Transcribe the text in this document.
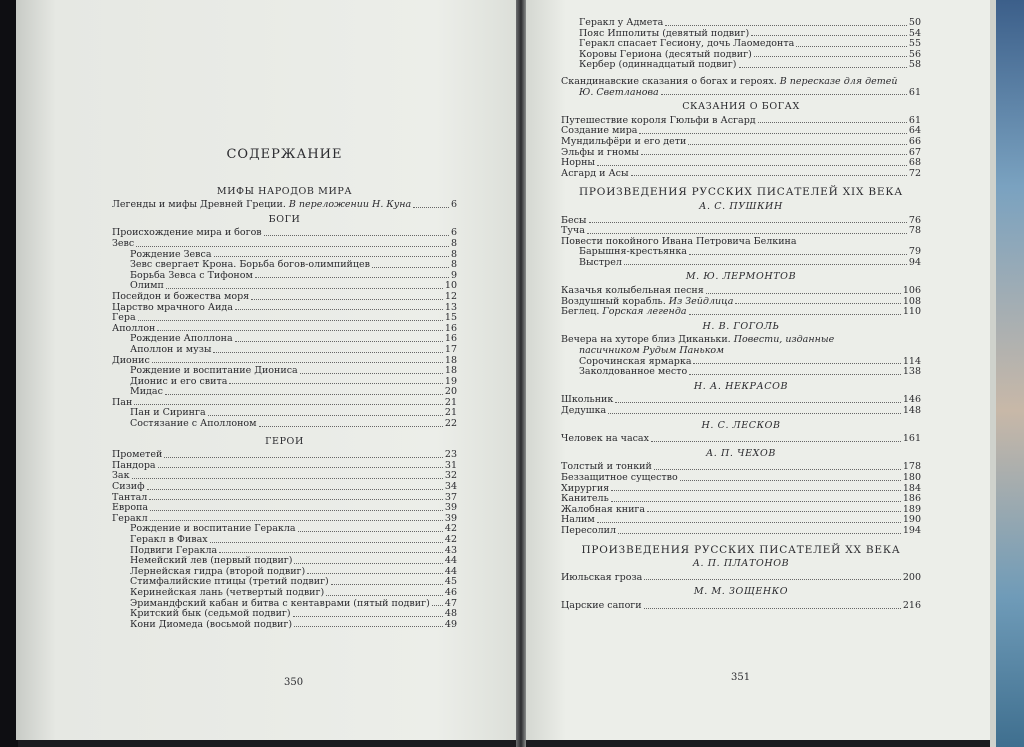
СОДЕРЖАНИЕ
МИФЫ НАРОДОВ МИРА
Легенды и мифы Древней Греции. В переложении Н. Куна	6
БОГИ
Происхождение мира и богов	6
Зевс	8
Рождение Зевса	8
Зевс свергает Крона. Борьба богов-олимпийцев	8
Борьба Зевса с Тифоном	9
Олимп	10
Посейдон и божества моря	12
Царство мрачного Аида	13
Гера	15
Аполлон	16
Рождение Аполлона	16
Аполлон и музы	17
Дионис	18
Рождение и воспитание Диониса	18
Дионис и его свита	19
Мидас	20
Пан	21
Пан и Сиринга	21
Состязание с Аполлоном	22
ГЕРОИ
Прометей	23
Пандора	31
Зак	32
Сизиф	34
Тантал	37
Европа	39
Геракл	39
Рождение и воспитание Геракла	42
Геракл в Фивах	42
Подвиги Геракла	43
Немейский лев (первый подвиг)	44
Лернейская гидра (второй подвиг)	44
Стимфалийские птицы (третий подвиг)	45
Керинейская лань (четвертый подвиг)	46
Эримандфский кабан и битва с кентаврами (пятый подвиг) 47
Критский бык (седьмой подвиг)	48
Кони Диомеда (восьмой подвиг)	49
350
Геракл у Адмета	50
Пояс Ипполиты (девятый подвиг)	54
Геракл спасает Гесиону, дочь Лаомедонта	55
Коровы Гериона (десятый подвиг)	56
Кербер (одиннадцатый подвиг)	58
Скандинавские сказания о богах и героях. В пересказе для детей
Ю. Светланова	61
СКАЗАНИЯ О БОГАХ
Путешествие короля Гюльфи в Асгард	61
Создание мира	64
Мундильфёри и его дети	66
Эльфы и гномы	67
Норны	68
Асгард и Асы	72
ПРОИЗВЕДЕНИЯ РУССКИХ ПИСАТЕЛЕЙ XIX ВЕКА
А. С. ПУШКИН
Бесы	76
Туча	78
Повести покойного Ивана Петровича Белкина
Барышня-крестьянка	79
Выстрел	94
М. Ю. ЛЕРМОНТОВ
Казачья колыбельная песня	106
Воздушный корабль. Из Зейдлица	108
Беглец. Горская легенда	110
Н. В. ГОГОЛЬ
Вечера на хуторе близ Диканьки. Повести, изданные
пасичником Рудым Паньком
Сорочинская ярмарка	114
Заколдованное место	138
Н. А. НЕКРАСОВ
Школьник	146
Дедушка	148
Н. С. ЛЕСКОВ
Человек на часах	161
А. П. ЧЕХОВ
Толстый и тонкий	178
Беззащитное существо	180
Хирургия	184
Канитель	186
Жалобная книга	189
Налим	190
Пересолил	194
ПРОИЗВЕДЕНИЯ РУССКИХ ПИСАТЕЛЕЙ XX ВЕКА
А. П. ПЛАТОНОВ
Июльская гроза	200
М. М. ЗОЩЕНКО
Царские сапоги	216
351
